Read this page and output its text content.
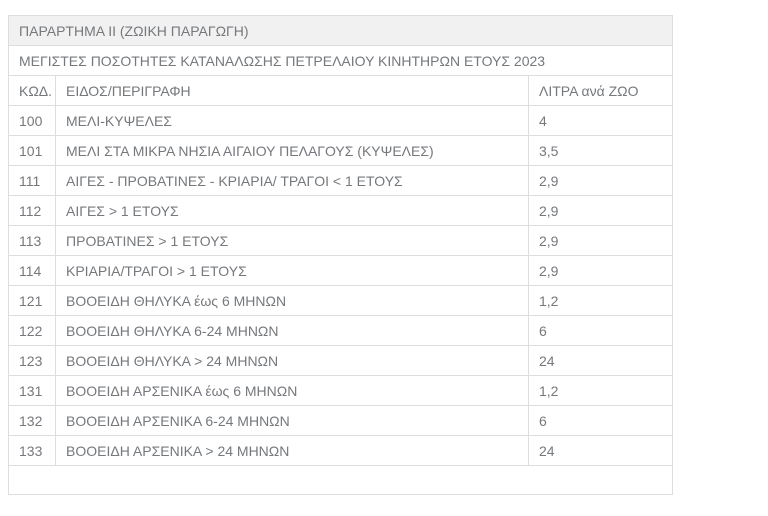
ΠΑΡΑΡΤΗΜΑ ΙΙ (ΖΩΙΚΗ ΠΑΡΑΓΩΓΗ)		
ΜΕΓΙΣΤΕΣ ΠΟΣΟΤΗΤΕΣ ΚΑΤΑΝΑΛΩΣΗΣ ΠΕΤΡΕΛΑΙΟΥ ΚΙΝΗΤΗΡΩΝ ΕΤΟΥΣ 2023		
ΚΩΔ.	ΕΙΔΟΣ/ΠΕΡΙΓΡΑΦΗ	ΛΙΤΡΑ ανά ΖΩΟ
100	ΜΕΛΙ-ΚΥΨΕΛΕΣ	4
101	ΜΕΛΙ ΣΤΑ ΜΙΚΡΑ ΝΗΣΙΑ ΑΙΓΑΙΟΥ ΠΕΛΑΓΟΥΣ (ΚΥΨΕΛΕΣ)	3,5
111	ΑΙΓΕΣ - ΠΡΟΒΑΤΙΝΕΣ - ΚΡΙΑΡΙΑ/ ΤΡΑΓΟΙ < 1 ΕΤΟΥΣ	2,9
112	ΑΙΓΕΣ > 1 ΕΤΟΥΣ	2,9
113	ΠΡΟΒΑΤΙΝΕΣ > 1 ΕΤΟΥΣ	2,9
114	ΚΡΙΑΡΙΑ/ΤΡΑΓΟΙ > 1 ΕΤΟΥΣ	2,9
121	ΒΟΟΕΙΔΗ ΘΗΛΥΚΑ έως 6 ΜΗΝΩΝ	1,2
122	ΒΟΟΕΙΔΗ ΘΗΛΥΚΑ 6-24 ΜΗΝΩΝ	6
123	ΒΟΟΕΙΔΗ ΘΗΛΥΚΑ > 24 ΜΗΝΩΝ	24
131	ΒΟΟΕΙΔΗ ΑΡΣΕΝΙΚΑ έως 6 ΜΗΝΩΝ	1,2
132	ΒΟΟΕΙΔΗ ΑΡΣΕΝΙΚΑ 6-24 ΜΗΝΩΝ	6
133	ΒΟΟΕΙΔΗ ΑΡΣΕΝΙΚΑ > 24 ΜΗΝΩΝ	24
